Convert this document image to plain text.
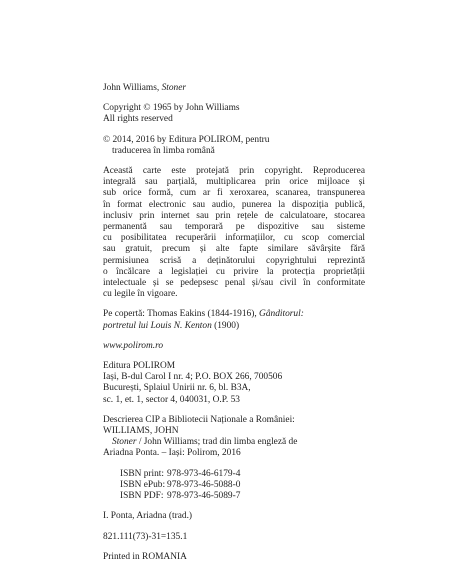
John Williams, Stoner

Copyright © 1965 by John Williams

All rights reserved

© 2014, 2016 by Editura POLIROM, pentru

traducerea în limba română

Această carte este protejată prin copyright. Reproducerea
integrală sau parțială, multiplicarea prin orice mijloace și
sub orice formă, cum ar fi xeroxarea, scanarea, transpunerea
în format electronic sau audio, punerea la dispoziția publică,
inclusiv prin internet sau prin rețele de calculatoare, stocarea
permanentă sau temporară pe dispozitive sau sisteme
cu posibilitatea recuperării informațiilor, cu scop comercial
sau gratuit, precum și alte fapte similare săvârșite fără
permisiunea scrisă a deținătorului copyrightului reprezintă
o încălcare a legislației cu privire la protecția proprietății
intelectuale și se pedepsesc penal și/sau civil în conformitate
cu legile în vigoare.

Pe copertă: Thomas Eakins (1844-1916), Gânditorul:

portretul lui Louis N. Kenton (1900)

www.polirom.ro

Editura POLIROM

Iași, B-dul Carol I nr. 4; P.O. BOX 266, 700506

București, Splaiul Unirii nr. 6, bl. B3A,

sc. 1, et. 1, sector 4, 040031, O.P. 53

Descrierea CIP a Bibliotecii Naționale a României:

WILLIAMS, JOHN

Stoner / John Williams; trad din limba engleză de

Ariadna Ponta. – Iași: Polirom, 2016

ISBN print: 978-973-46-6179-4
ISBN ePub: 978-973-46-5088-0
ISBN PDF: 978-973-46-5089-7

I. Ponta, Ariadna (trad.)

821.111(73)-31=135.1

Printed in ROMANIA
